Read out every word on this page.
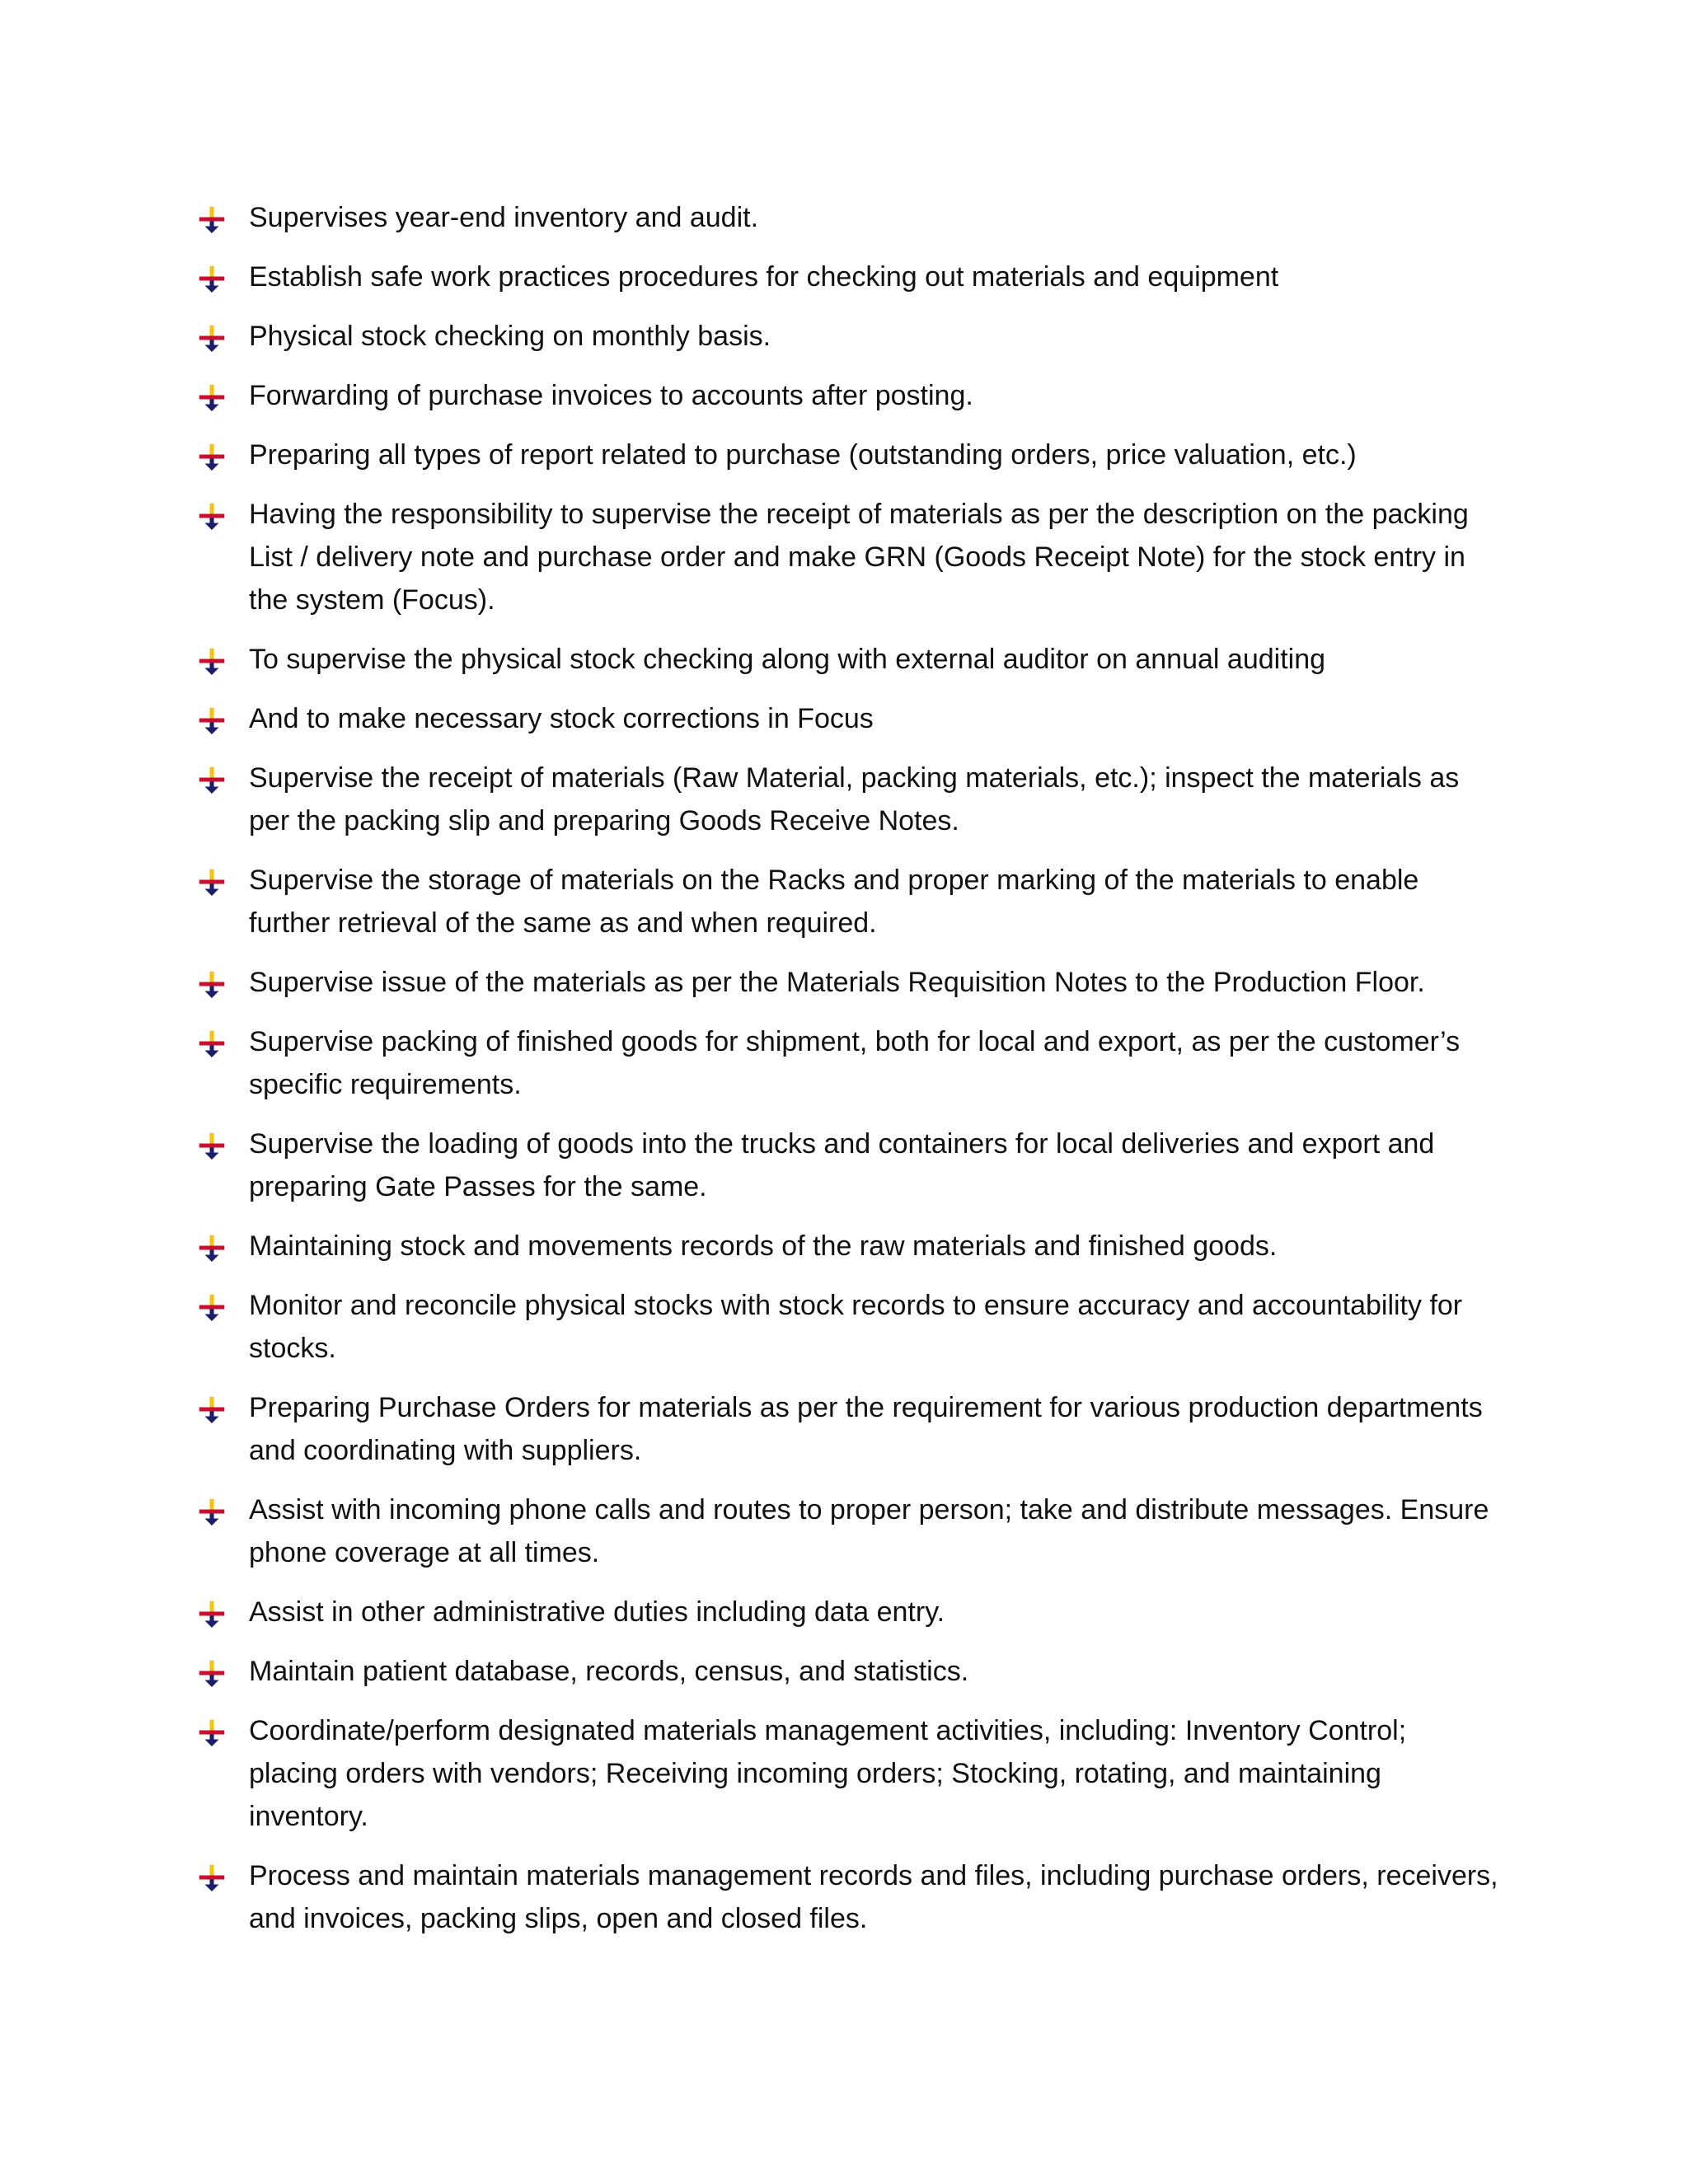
Supervises year-end inventory and audit.
Establish safe work practices procedures for checking out materials and equipment
Physical stock checking on monthly basis.
Forwarding of purchase invoices to accounts after posting.
Preparing all types of report related to purchase (outstanding orders, price valuation, etc.)
Having the responsibility to supervise the receipt of materials as per the description on the packing List / delivery note and purchase order and make GRN (Goods Receipt Note) for the stock entry in the system (Focus).
To supervise the physical stock checking along with external auditor on annual auditing
And to make necessary stock corrections in Focus
Supervise the receipt of materials (Raw Material, packing materials, etc.); inspect the materials as per the packing slip and preparing Goods Receive Notes.
Supervise the storage of materials on the Racks and proper marking of the materials to enable further retrieval of the same as and when required.
Supervise issue of the materials as per the Materials Requisition Notes to the Production Floor.
Supervise packing of finished goods for shipment, both for local and export, as per the customer’s specific requirements.
Supervise the loading of goods into the trucks and containers for local deliveries and export and preparing Gate Passes for the same.
Maintaining stock and movements records of the raw materials and finished goods.
Monitor and reconcile physical stocks with stock records to ensure accuracy and accountability for stocks.
Preparing Purchase Orders for materials as per the requirement for various production departments and coordinating with suppliers.
Assist with incoming phone calls and routes to proper person; take and distribute messages. Ensure phone coverage at all times.
Assist in other administrative duties including data entry.
Maintain patient database, records, census, and statistics.
Coordinate/perform designated materials management activities, including: Inventory Control; placing orders with vendors; Receiving incoming orders; Stocking, rotating, and maintaining inventory.
Process and maintain materials management records and files, including purchase orders, receivers, and invoices, packing slips, open and closed files.
